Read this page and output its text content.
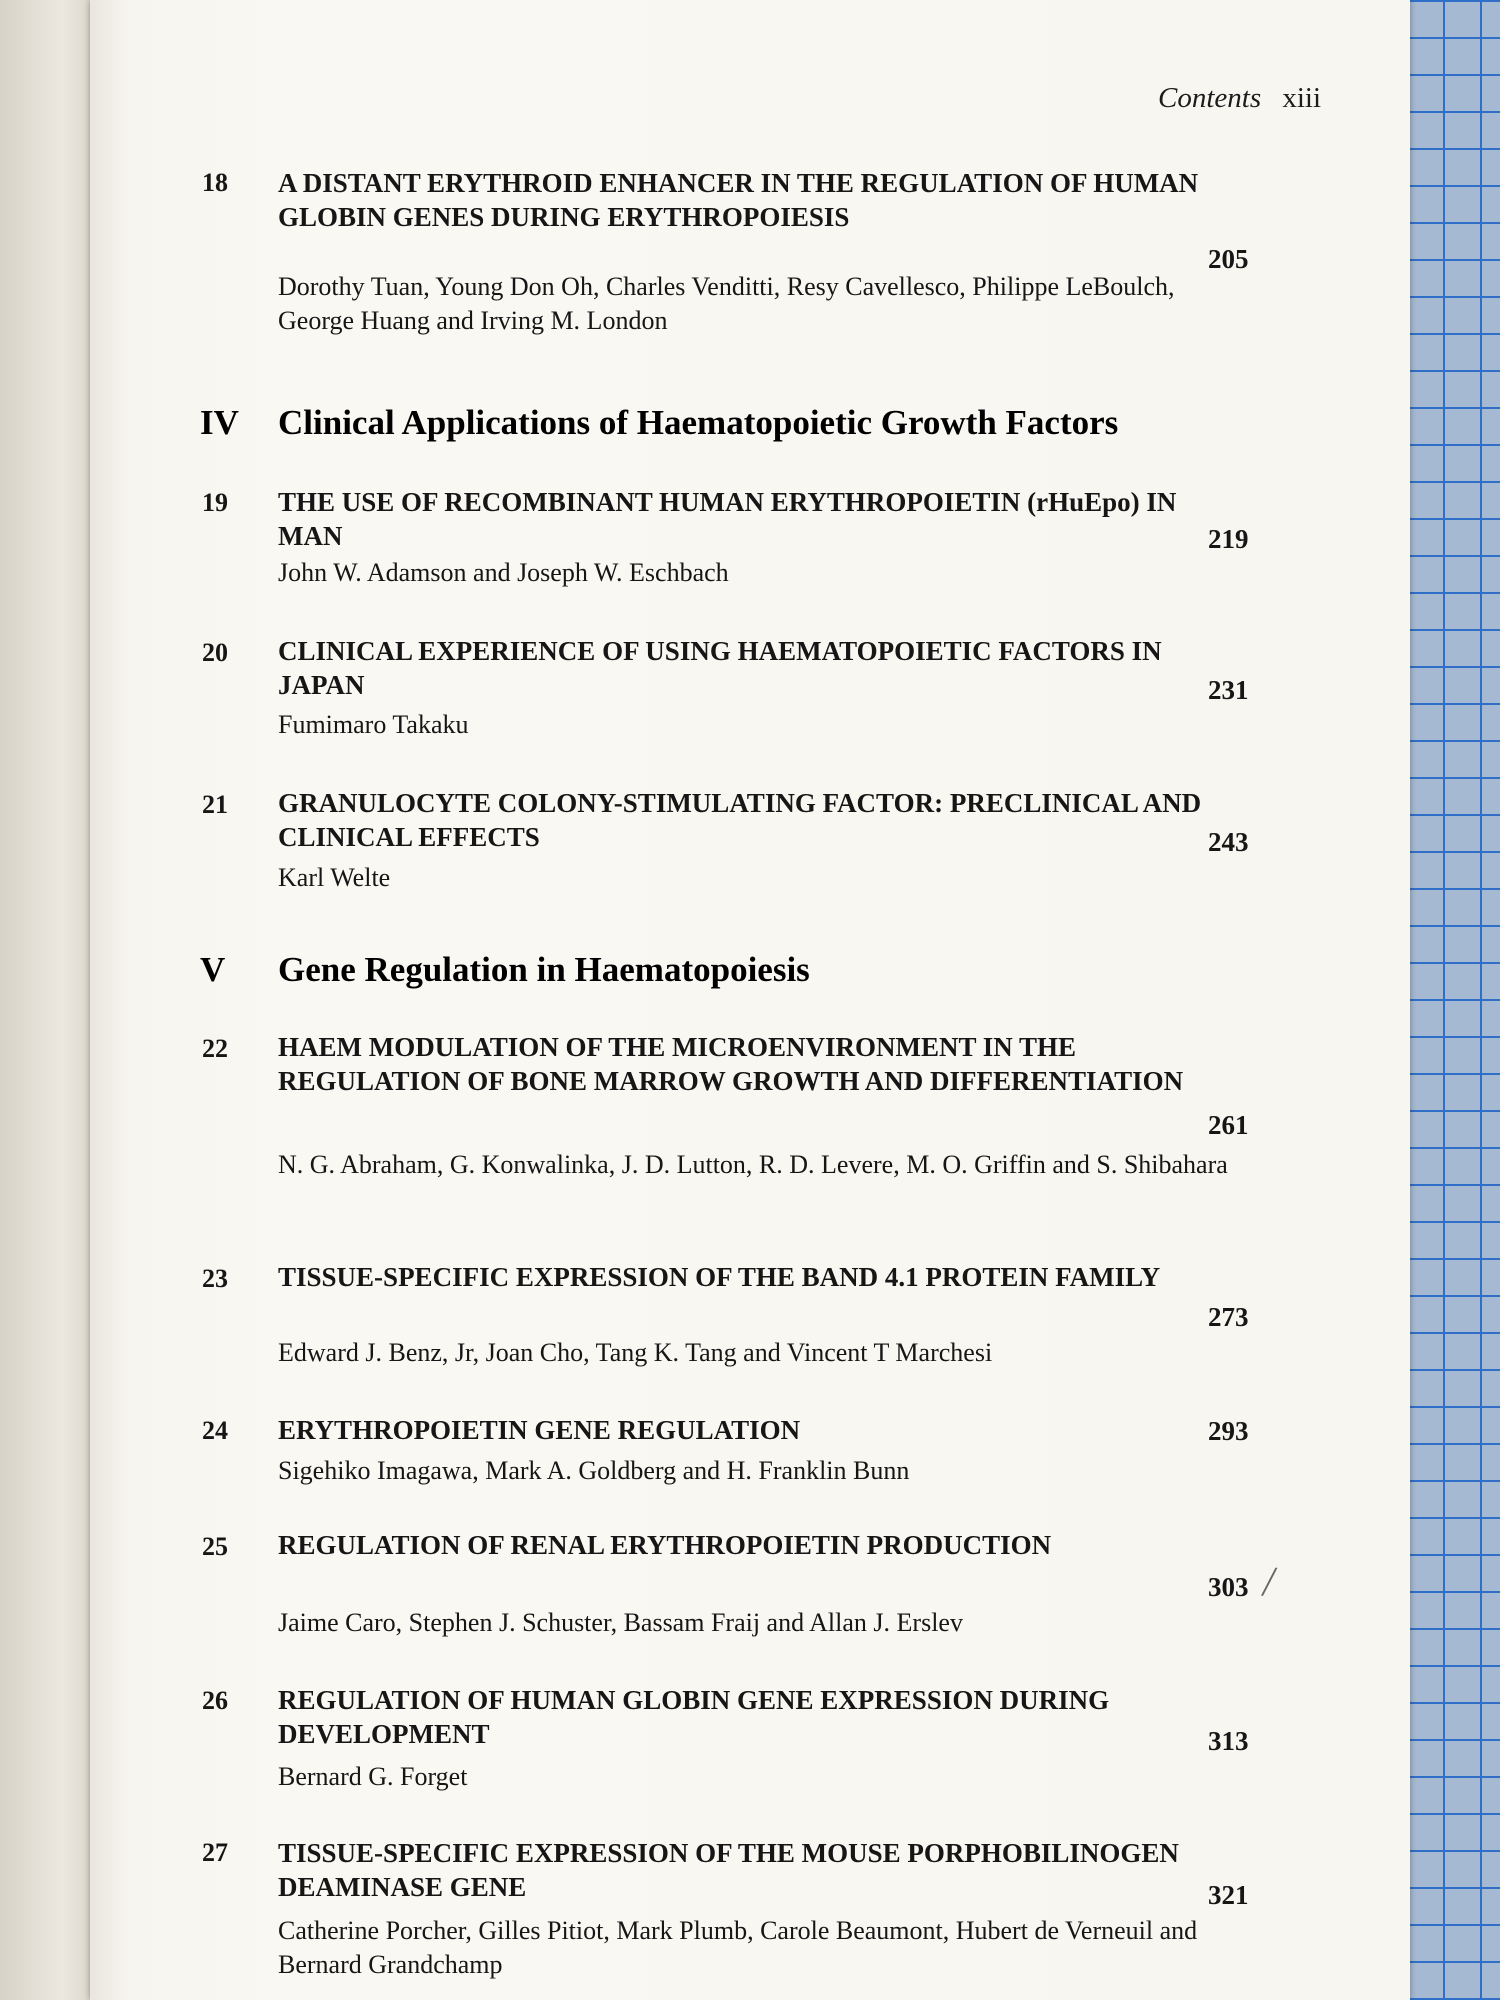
Contents xiii
18 A DISTANT ERYTHROID ENHANCER IN THE REGULATION OF HUMAN GLOBIN GENES DURING ERYTHROPOIESIS
Dorothy Tuan, Young Don Oh, Charles Venditti, Resy Cavellesco, Philippe LeBoulch, George Huang and Irving M. London
205
IV Clinical Applications of Haematopoietic Growth Factors
19 THE USE OF RECOMBINANT HUMAN ERYTHROPOIETIN (rHuEpo) IN MAN
John W. Adamson and Joseph W. Eschbach
219
20 CLINICAL EXPERIENCE OF USING HAEMATOPOIETIC FACTORS IN JAPAN
Fumimaro Takaku
231
21 GRANULOCYTE COLONY-STIMULATING FACTOR: PRECLINICAL AND CLINICAL EFFECTS
Karl Welte
243
V Gene Regulation in Haematopoiesis
22 HAEM MODULATION OF THE MICROENVIRONMENT IN THE REGULATION OF BONE MARROW GROWTH AND DIFFERENTIATION
N. G. Abraham, G. Konwalinka, J. D. Lutton, R. D. Levere, M. O. Griffin and S. Shibahara
261
23 TISSUE-SPECIFIC EXPRESSION OF THE BAND 4.1 PROTEIN FAMILY
Edward J. Benz, Jr, Joan Cho, Tang K. Tang and Vincent T Marchesi
273
24 ERYTHROPOIETIN GENE REGULATION
Sigehiko Imagawa, Mark A. Goldberg and H. Franklin Bunn
293
25 REGULATION OF RENAL ERYTHROPOIETIN PRODUCTION
Jaime Caro, Stephen J. Schuster, Bassam Fraij and Allan J. Erslev
303 ╱
26 REGULATION OF HUMAN GLOBIN GENE EXPRESSION DURING DEVELOPMENT
Bernard G. Forget
313
27 TISSUE-SPECIFIC EXPRESSION OF THE MOUSE PORPHOBILINOGEN DEAMINASE GENE
Catherine Porcher, Gilles Pitiot, Mark Plumb, Carole Beaumont, Hubert de Verneuil and Bernard Grandchamp
321
